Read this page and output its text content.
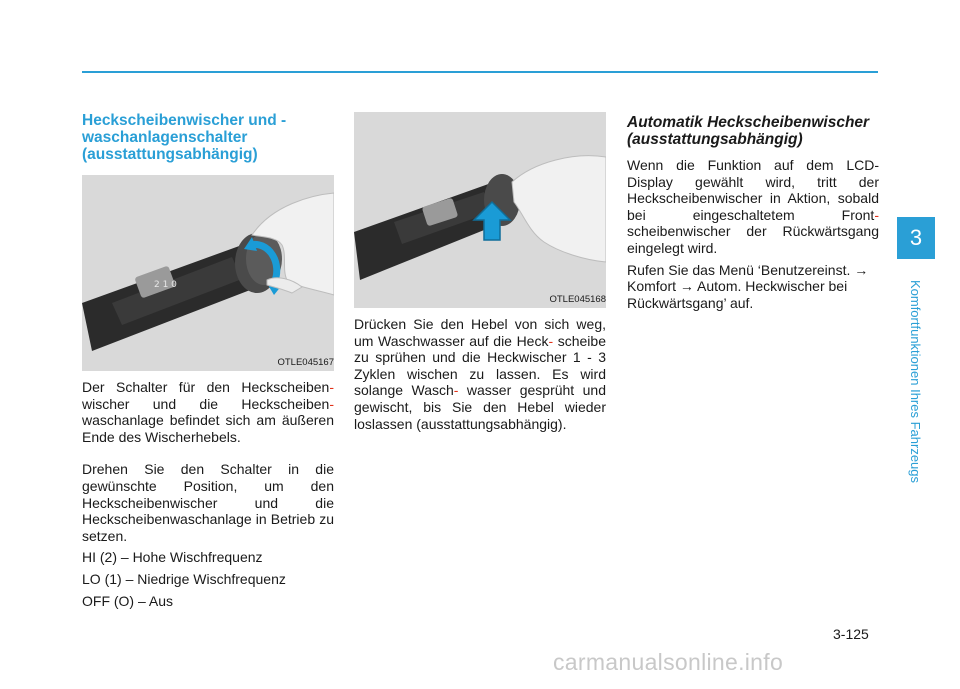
Heckscheibenwischer und - waschanlagenschalter (ausstattungsabhängig)
2 1 0
OTLE045167

Der Schalter für den Heckscheiben- wischer und die Heckscheiben- waschanlage befindet sich am äußeren Ende des Wischerhebels.

Drehen Sie den Schalter in die gewünschte Position, um den Heckscheibenwischer und die Heckscheibenwaschanlage in Betrieb zu setzen.

HI (2) – Hohe Wischfrequenz

LO (1) – Niedrige Wischfrequenz

OFF (O) – Aus

OTLE045168

Drücken Sie den Hebel von sich weg, um Waschwasser auf die Heck- scheibe zu sprühen und die Heckwischer 1 - 3 Zyklen wischen zu lassen. Es wird solange Wasch- wasser gesprüht und gewischt, bis Sie den Hebel wieder loslassen (ausstattungsabhängig).

Automatik Heckscheibenwischer (ausstattungsabhängig)

Wenn die Funktion auf dem LCD-Display gewählt wird, tritt der Heckscheibenwischer in Aktion, sobald bei eingeschaltetem Front- scheibenwischer der Rückwärtsgang eingelegt wird.

Rufen Sie das Menü ‘Benutzereinst. → Komfort → Autom. Heckwischer bei Rückwärtsgang’ auf.

3
Komfortfunktionen Ihres Fahrzeugs
3-125
carmanualsonline.info
